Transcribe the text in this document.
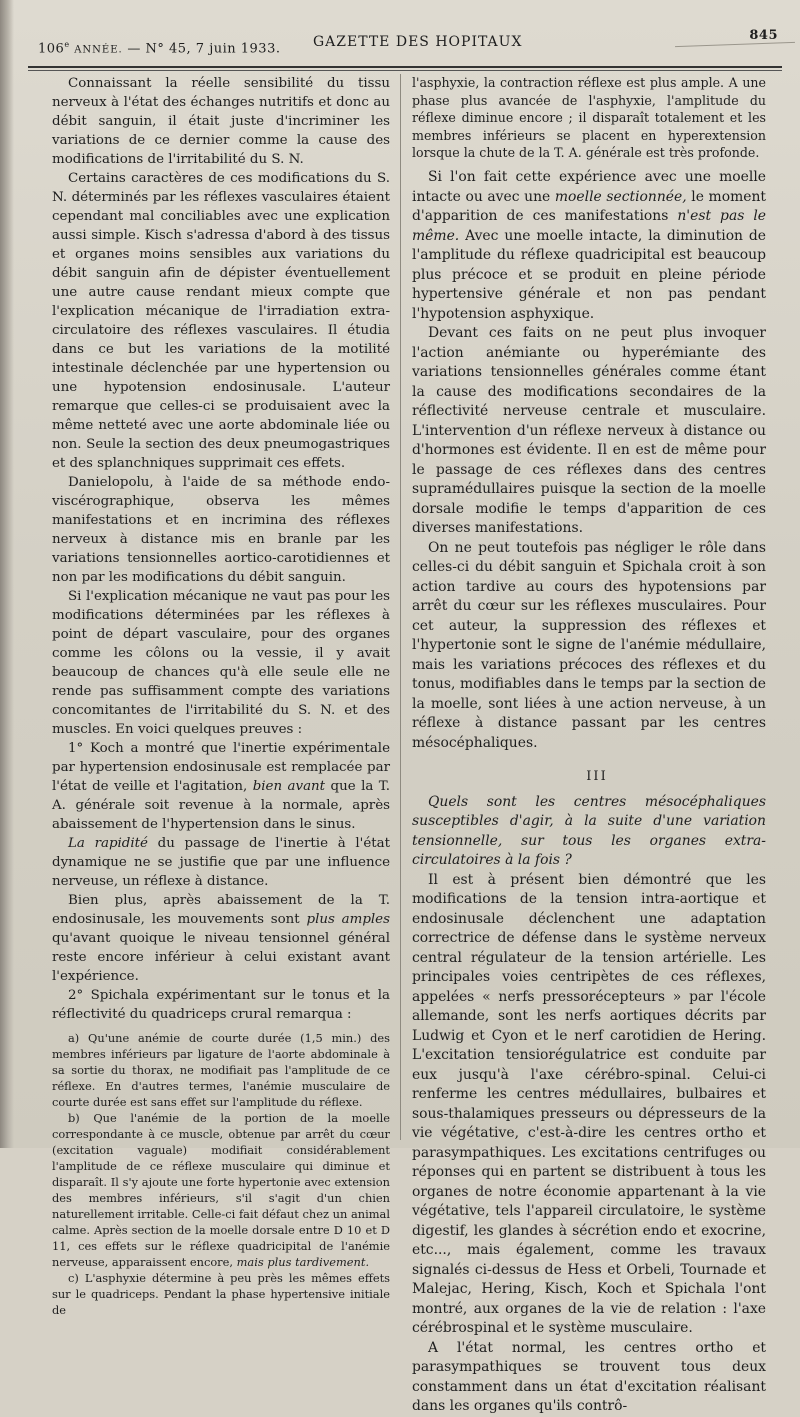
106e ANNÉE. — N° 45, 7 juin 1933. GAZETTE DES HOPITAUX	845

Connaissant la réelle sensibilité du tissu nerveux à l'état des échanges nutritifs et donc au débit sanguin, il était juste d'incriminer les variations de ce dernier comme la cause des modifications de l'irritabilité du S. N.

Certains caractères de ces modifications du S. N. déterminés par les réflexes vasculaires étaient cependant mal conciliables avec une explication aussi simple. Kisch s'adressa d'abord à des tissus et organes moins sensibles aux variations du débit sanguin afin de dépister éventuellement une autre cause rendant mieux compte que l'explication mécanique de l'irradiation extra-circulatoire des réflexes vasculaires. Il étudia dans ce but les variations de la motilité intestinale déclenchée par une hypertension ou une hypotension endosinusale. L'auteur remarque que celles-ci se produisaient avec la même netteté avec une aorte abdominale liée ou non. Seule la section des deux pneumogastriques et des splanchniques supprimait ces effets.

Danielopolu, à l'aide de sa méthode endo-viscérographique, observa les mêmes manifestations et en incrimina des réflexes nerveux à distance mis en branle par les variations tensionnelles aortico-carotidiennes et non par les modifications du débit sanguin.

Si l'explication mécanique ne vaut pas pour les modifications déterminées par les réflexes à point de départ vasculaire, pour des organes comme les côlons ou la vessie, il y avait beaucoup de chances qu'à elle seule elle ne rende pas suffisamment compte des variations concomitantes de l'irritabilité du S. N. et des muscles. En voici quelques preuves :

1° Koch a montré que l'inertie expérimentale par hypertension endosinusale est remplacée par l'état de veille et l'agitation, bien avant que la T. A. générale soit revenue à la normale, après abaissement de l'hypertension dans le sinus.

La rapidité du passage de l'inertie à l'état dynamique ne se justifie que par une influence nerveuse, un réflexe à distance.

Bien plus, après abaissement de la T. endosinusale, les mouvements sont plus amples qu'avant quoique le niveau tensionnel général reste encore inférieur à celui existant avant l'expérience.

2° Spichala expérimentant sur le tonus et la réflectivité du quadriceps crural remarqua :

a) Qu'une anémie de courte durée (1,5 min.) des membres inférieurs par ligature de l'aorte abdominale à sa sortie du thorax, ne modifiait pas l'amplitude de ce réflexe. En d'autres termes, l'anémie musculaire de courte durée est sans effet sur l'amplitude du réflexe.

b) Que l'anémie de la portion de la moelle correspondante à ce muscle, obtenue par arrêt du cœur (excitation vaguale) modifiait considérablement l'amplitude de ce réflexe musculaire qui diminue et disparaît. Il s'y ajoute une forte hypertonie avec extension des membres inférieurs, s'il s'agit d'un chien naturellement irritable. Celle-ci fait défaut chez un animal calme. Après section de la moelle dorsale entre D 10 et D 11, ces effets sur le réflexe quadricipital de l'anémie nerveuse, apparaissent encore, mais plus tardivement.

c) L'asphyxie détermine à peu près les mêmes effets sur le quadriceps. Pendant la phase hypertensive initiale de

l'asphyxie, la contraction réflexe est plus ample. A une phase plus avancée de l'asphyxie, l'amplitude du réflexe diminue encore ; il disparaît totalement et les membres inférieurs se placent en hyperextension lorsque la chute de la T. A. générale est très profonde.

Si l'on fait cette expérience avec une moelle intacte ou avec une moelle sectionnée, le moment d'apparition de ces manifestations n'est pas le même. Avec une moelle intacte, la diminution de l'amplitude du réflexe quadricipital est beaucoup plus précoce et se produit en pleine période hypertensive générale et non pas pendant l'hypotension asphyxique.

Devant ces faits on ne peut plus invoquer l'action anémiante ou hyperémiante des variations tensionnelles générales comme étant la cause des modifications secondaires de la réflectivité nerveuse centrale et musculaire. L'intervention d'un réflexe nerveux à distance ou d'hormones est évidente. Il en est de même pour le passage de ces réflexes dans des centres supramédullaires puisque la section de la moelle dorsale modifie le temps d'apparition de ces diverses manifestations.

On ne peut toutefois pas négliger le rôle dans celles-ci du débit sanguin et Spichala croit à son action tardive au cours des hypotensions par arrêt du cœur sur les réflexes musculaires. Pour cet auteur, la suppression des réflexes et l'hypertonie sont le signe de l'anémie médullaire, mais les variations précoces des réflexes et du tonus, modifiables dans le temps par la section de la moelle, sont liées à une action nerveuse, à un réflexe à distance passant par les centres mésocéphaliques.

III

Quels sont les centres mésocéphaliques susceptibles d'agir, à la suite d'une variation tensionnelle, sur tous les organes extra-circulatoires à la fois ?

Il est à présent bien démontré que les modifications de la tension intra-aortique et endosinusale déclenchent une adaptation correctrice de défense dans le système nerveux central régulateur de la tension artérielle. Les principales voies centripètes de ces réflexes, appelées « nerfs pressorécepteurs » par l'école allemande, sont les nerfs aortiques décrits par Ludwig et Cyon et le nerf carotidien de Hering. L'excitation tensiorégulatrice est conduite par eux jusqu'à l'axe cérébro-spinal. Celui-ci renferme les centres médullaires, bulbaires et sous-thalamiques presseurs ou dépresseurs de la vie végétative, c'est-à-dire les centres ortho et parasympathiques. Les excitations centrifuges ou réponses qui en partent se distribuent à tous les organes de notre économie appartenant à la vie végétative, tels l'appareil circulatoire, le système digestif, les glandes à sécrétion endo et exocrine, etc..., mais également, comme les travaux signalés ci-dessus de Hess et Orbeli, Tournade et Malejac, Hering, Kisch, Koch et Spichala l'ont montré, aux organes de la vie de relation : l'axe cérébrospinal et le système musculaire.

A l'état normal, les centres ortho et parasympathiques se trouvent tous deux constamment dans un état d'excitation réalisant dans les organes qu'ils contrô-
